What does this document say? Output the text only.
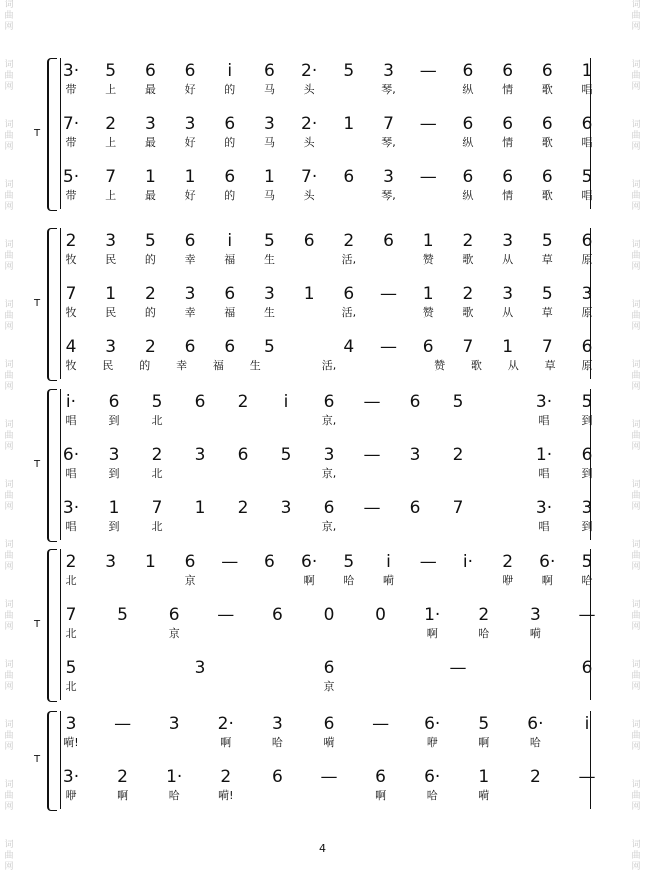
词
曲
网
词
曲
网
词
曲
网
词
曲
网
词
曲
网
词
曲
网
词
曲
网
词
曲
网
词
曲
网
词
曲
网
词
曲
网
词
曲
网
词
曲
网
词
曲
网
词
曲
网
词
曲
网
词
曲
网
词
曲
网
词
曲
网
词
曲
网
词
曲
网
词
曲
网
词
曲
网
词
曲
网
词
曲
网
词
曲
网
词
曲
网
词
曲
网
词
曲
网
词
曲
网
T
3· 5 6 6	i	6 2· 5 3 — 6 6 6 1
带	上	最	好	的	马	头	琴,	纵	情	歌	唱
7· 2 3 3 6 3 2· 1 7 — 6 6 6 6
带	上	最	好	的	马	头	琴,	纵	情	歌	唱
5· 7 1 1 6 1 7· 6 3 — 6 6 6 5
带	上	最	好	的	马	头	琴,	纵	情	歌	唱
T
2 3 5 6	i	5 6 2 6 1 2 3 5 6
牧	民	的	幸	福	生	活,	赞	歌	从	草	原
7 1 2 3 6 3 1 6 — 1 2 3 5 3
牧	民	的	幸	福	生	活,	赞	歌	从	草	原
4 3 2 6 6 5	4 — 6 7 1 7 6
牧	民	的	幸	福	生	活,	赞	歌	从	草	原
T
i· 6 5 6 2	i	6 — 6 5	3· 5
唱	到	北	京,	唱	到
6· 3 2 3 6 5 3 — 3 2	1· 6
唱	到	北	京,	唱	到
3· 1 7 1 2 3 6 — 6 7	3· 3
唱	到	北	京,	唱	到
T
2 3 1 6 — 6 6· 5	i	— i· 2 6· 5
北	京	啊	哈	嗬	咿	啊	哈
7 5 6 — 6 0 0 1· 2 3 —
北	京	啊	哈	嗬
5	3	6	—	6
北	京
T
3 — 3 2· 3 6 — 6· 5 6·	i
嗬!	啊	哈	嗬	咿	啊	哈
3· 2 1· 2 6 — 6 6· 1 2 —
咿	啊	哈	嗬!	啊	哈	嗬
4
